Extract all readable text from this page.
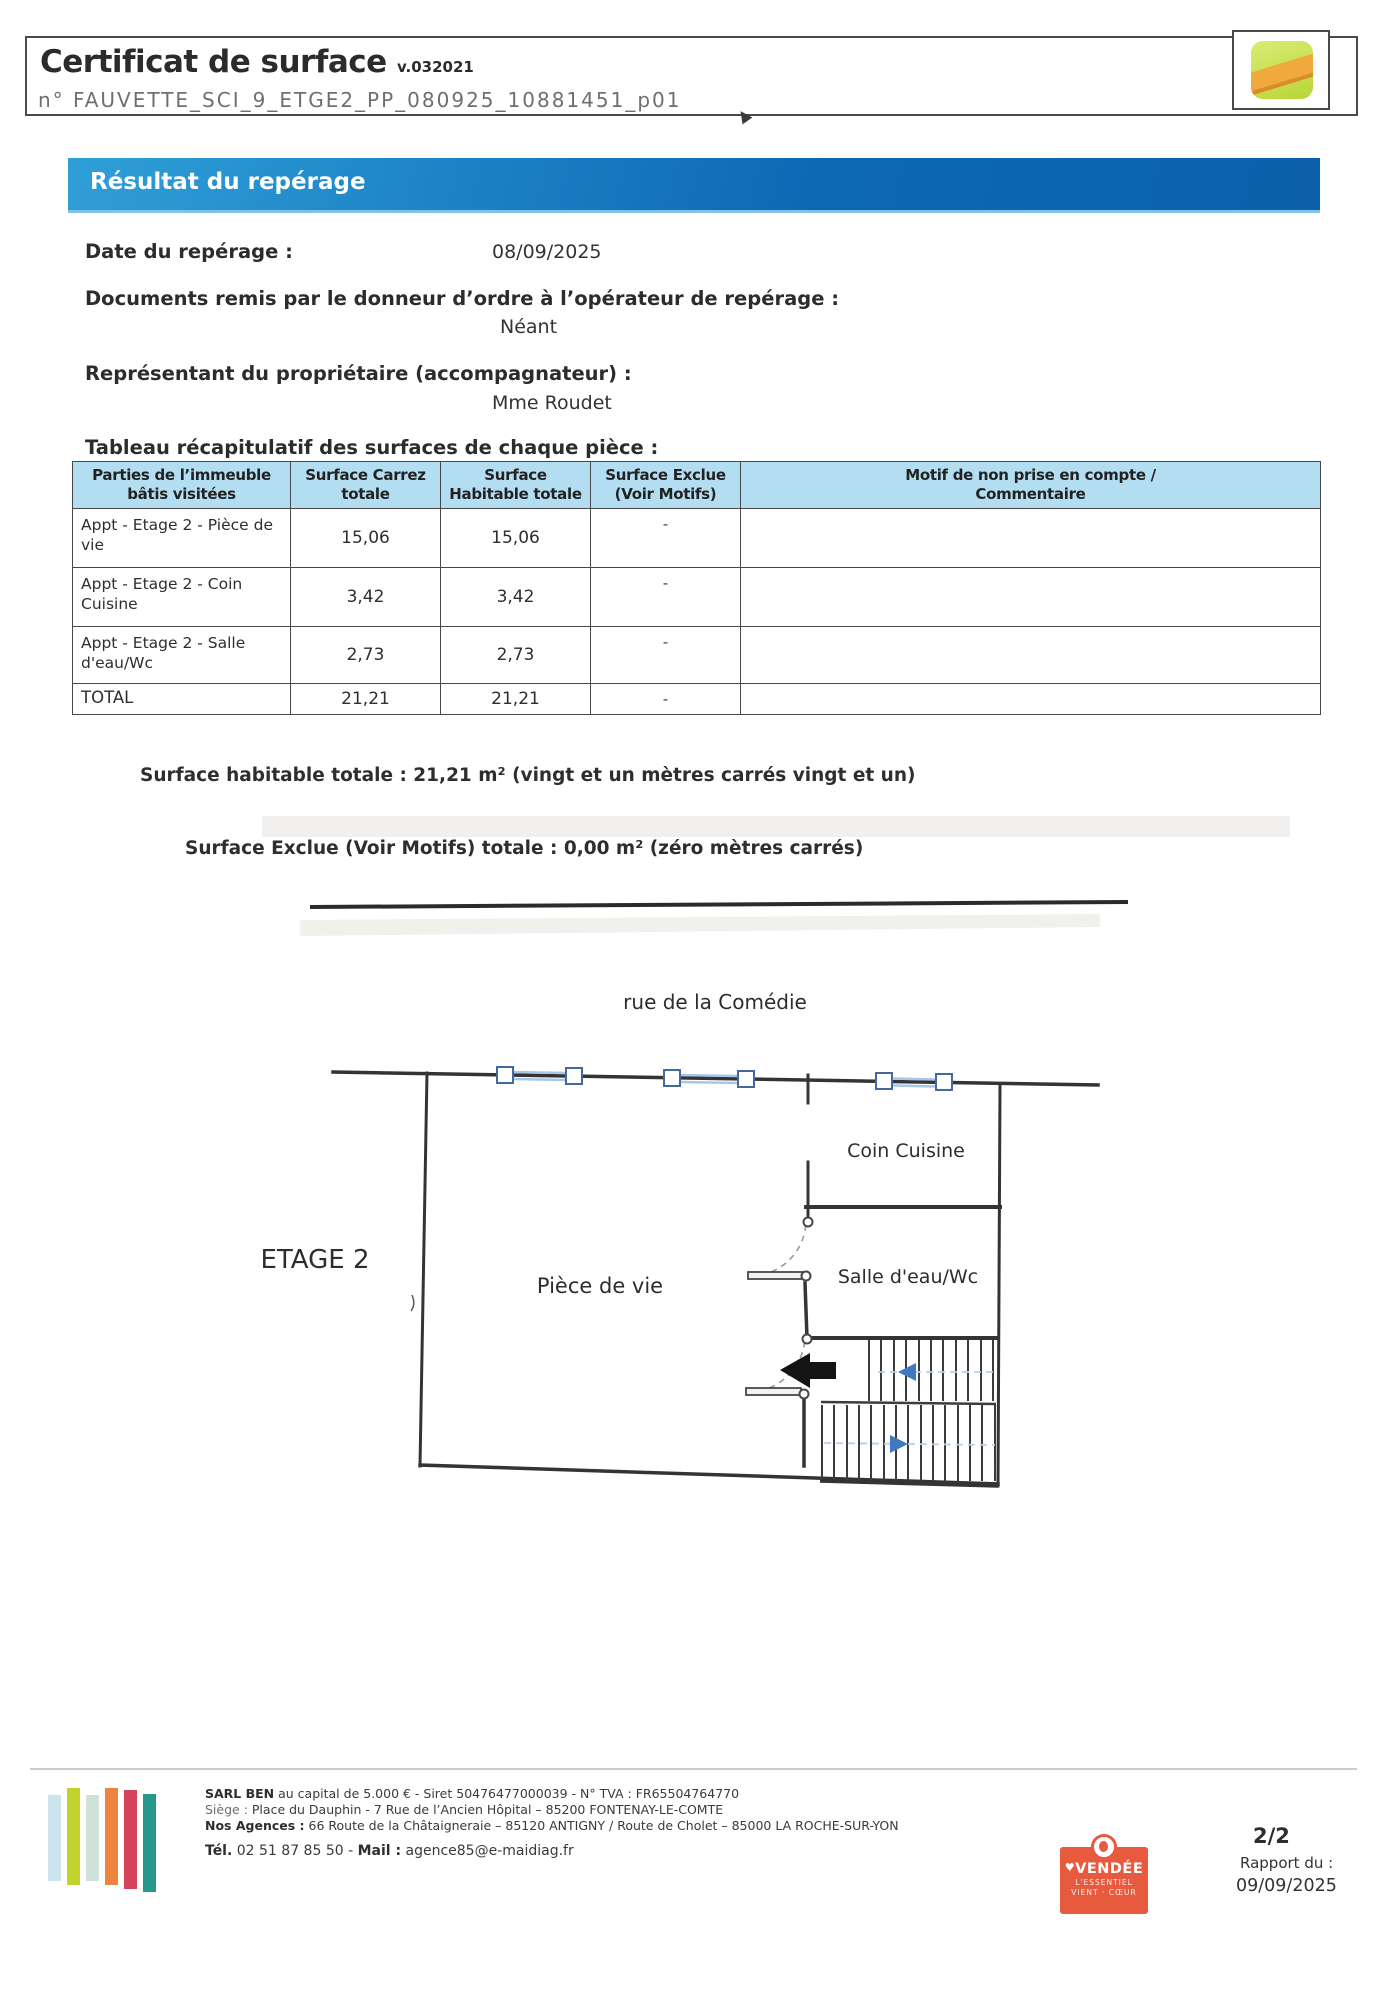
Certificat de surface v.032021
n° FAUVETTE_SCI_9_ETGE2_PP_080925_10881451_p01
Résultat du repérage
Date du repérage :	08/09/2025
Documents remis par le donneur d’ordre à l’opérateur de repérage :
Néant
Représentant du propriétaire (accompagnateur) :
Mme Roudet
Tableau récapitulatif des surfaces de chaque pièce :
Parties de l’immeuble bâtis visitées	Surface Carrez totale	Surface Habitable totale	Surface Exclue (Voir Motifs)	Motif de non prise en compte / Commentaire
Appt - Etage 2 - Pièce de vie	15,06	15,06	-	
Appt - Etage 2 - Coin Cuisine	3,42	3,42	-	
Appt - Etage 2 - Salle d'eau/Wc	2,73	2,73	-	
TOTAL	21,21	21,21	-	
Surface habitable totale : 21,21 m² (vingt et un mètres carrés vingt et un)
Surface Exclue (Voir Motifs) totale : 0,00 m² (zéro mètres carrés)
rue de la Comédie
ETAGE 2
Pièce de vie
Coin Cuisine
Salle d'eau/Wc
SARL BEN au capital de 5.000 € - Siret 50476477000039 - N° TVA : FR65504764770
Siège : Place du Dauphin - 7 Rue de l’Ancien Hôpital – 85200 FONTENAY-LE-COMTE
Nos Agences : 66 Route de la Châtaigneraie – 85120 ANTIGNY / Route de Cholet – 85000 LA ROCHE-SUR-YON
Tél. 02 51 87 85 50 - Mail : agence85@e-maidiag.fr
♥VENDÉE
L'ESSENTIEL
VIENT · CŒUR
2/2
Rapport du :
09/09/2025
